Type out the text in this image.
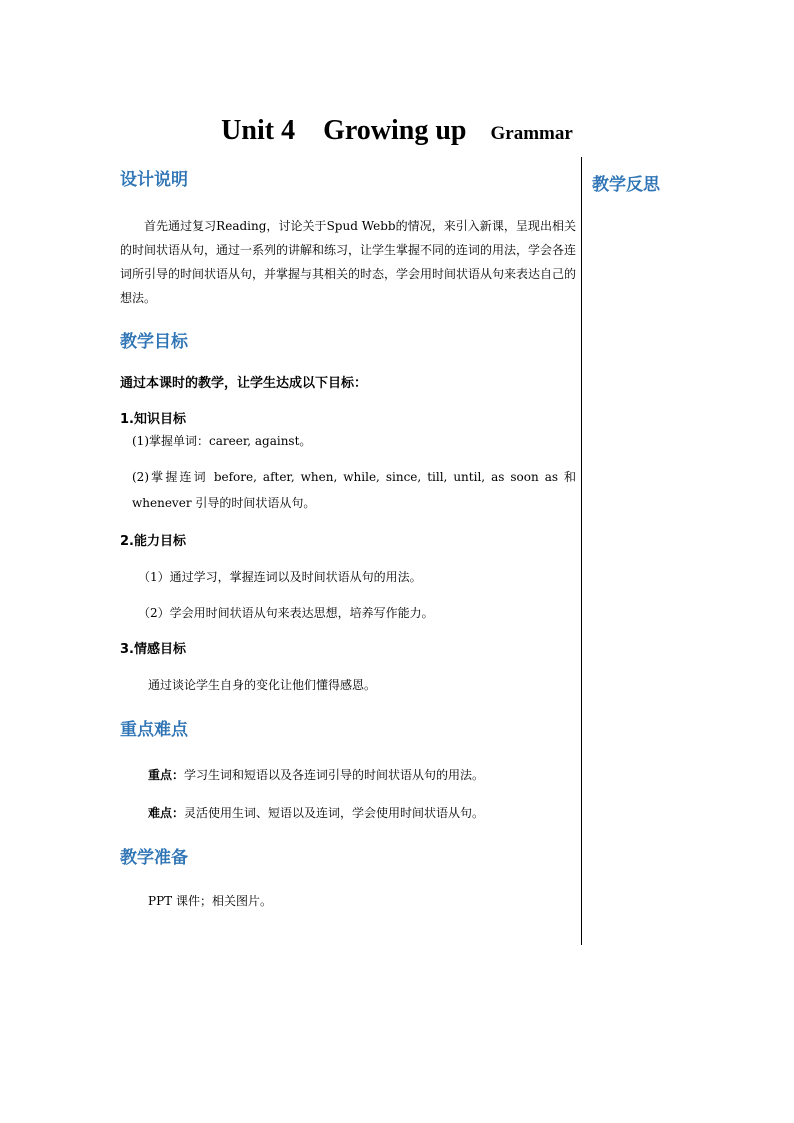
Unit 4　Growing up Grammar
教学反思
设计说明
首先通过复习Reading，讨论关于Spud Webb的情况，来引入新课，呈现出相关的时间状语从句，通过一系列的讲解和练习，让学生掌握不同的连词的用法，学会各连词所引导的时间状语从句，并掌握与其相关的时态，学会用时间状语从句来表达自己的想法。
教学目标
通过本课时的教学，让学生达成以下目标：
1.知识目标
(1)掌握单词：career, against。
(2)掌握连词 before, after, when, while, since, till, until, as soon as 和 whenever 引导的时间状语从句。
2.能力目标
（1）通过学习，掌握连词以及时间状语从句的用法。
（2）学会用时间状语从句来表达思想，培养写作能力。
3.情感目标
通过谈论学生自身的变化让他们懂得感恩。
重点难点
重点：学习生词和短语以及各连词引导的时间状语从句的用法。
难点：灵活使用生词、短语以及连词，学会使用时间状语从句。
教学准备
PPT 课件；相关图片。
